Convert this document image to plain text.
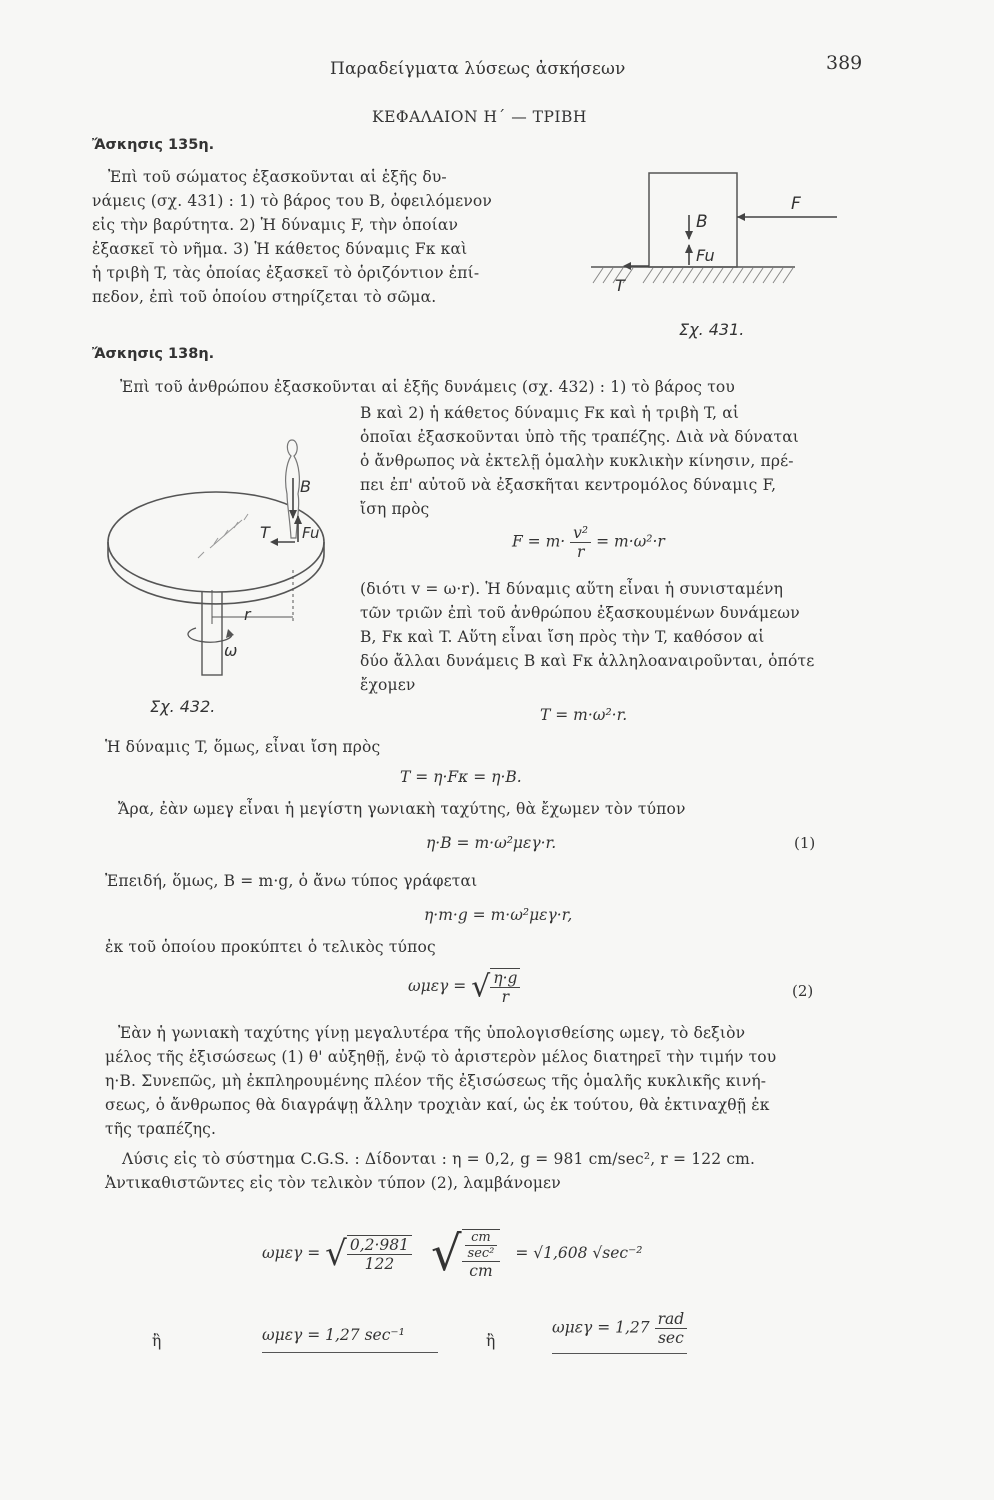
Παραδείγματα λύσεως ἀσκήσεων	389
ΚΕΦΑΛΑΙΟΝ Η΄ — ΤΡΙΒΗ
Ἄσκησις 135η.
Ἐπὶ τοῦ σώματος ἐξασκοῦνται αἱ ἑξῆς δυ-
νάμεις (σχ. 431) : 1) τὸ βάρος του B, ὀφειλόμενον
εἰς τὴν βαρύτητα. 2) Ἡ δύναμις F, τὴν ὁποίαν
ἐξασκεῖ τὸ νῆμα. 3) Ἡ κάθετος δύναμις Fκ καὶ
ἡ τριβὴ T, τὰς ὁποίας ἐξασκεῖ τὸ ὁριζόντιον ἐπί-
πεδον, ἐπὶ τοῦ ὁποίου στηρίζεται τὸ σῶμα.
B
F
Fu
T
Σχ. 431.
Ἄσκησις 138η.
Ἐπὶ τοῦ ἀνθρώπου ἐξασκοῦνται αἱ ἑξῆς δυνάμεις (σχ. 432) : 1) τὸ βάρος του
B καὶ 2) ἡ κάθετος δύναμις Fκ καὶ ἡ τριβὴ T, αἱ
ὁποῖαι ἐξασκοῦνται ὑπὸ τῆς τραπέζης. Διὰ νὰ δύναται
ὁ ἄνθρωπος νὰ ἐκτελῇ ὁμαλὴν κυκλικὴν κίνησιν, πρέ-
πει ἐπ' αὐτοῦ νὰ ἐξασκῆται κεντρομόλος δύναμις F,
ἴση πρὸς
$F = m\cdot \frac{\text{v²}}{r} = m\cdot\omega^2\cdot r$
(διότι v = ω·r). Ἡ δύναμις αὕτη εἶναι ἡ συνισταμένη
τῶν τριῶν ἐπὶ τοῦ ἀνθρώπου ἐξασκουμένων δυνάμεων
B, Fκ καὶ T. Αὕτη εἶναι ἴση πρὸς τὴν T, καθόσον αἱ
δύο ἄλλαι δυνάμεις B καὶ Fκ ἀλληλοαναιροῦνται, ὁπότε
ἔχομεν
T = m·ω²·r.
B
T Fu
r
ω
Σχ. 432.
Ἡ δύναμις T, ὅμως, εἶναι ἴση πρὸς
T = η·Fκ = η·B.
Ἄρα, ἐὰν ωμεγ εἶναι ἡ μεγίστη γωνιακὴ ταχύτης, θὰ ἔχωμεν τὸν τύπον
η·B = m·ω²μεγ·r.	(1)
Ἐπειδή, ὅμως, B = m·g, ὁ ἄνω τύπος γράφεται
η·m·g = m·ω²μεγ·r,
ἐκ τοῦ ὁποίου προκύπτει ὁ τελικὸς τύπος
ωμεγ = √ $\frac{\eta\cdot g}{r}$	(2)
Ἐὰν ἡ γωνιακὴ ταχύτης γίνῃ μεγαλυτέρα τῆς ὑπολογισθείσης ωμεγ, τὸ δεξιὸν
μέλος τῆς ἐξισώσεως (1) θ' αὐξηθῇ, ἐνῷ τὸ ἀριστερὸν μέλος διατηρεῖ τὴν τιμήν του
η·B. Συνεπῶς, μὴ ἐκπληρουμένης πλέον τῆς ἐξισώσεως τῆς ὁμαλῆς κυκλικῆς κινή-
σεως, ὁ ἄνθρωπος θὰ διαγράψῃ ἄλλην τροχιὰν καί, ὡς ἐκ τούτου, θὰ ἐκτιναχθῇ ἐκ
τῆς τραπέζης.
Λύσις εἰς τὸ σύστημα C.G.S. : Δίδονται : η = 0,2, g = 981 cm/sec², r = 122 cm.
Ἀντικαθιστῶντες εἰς τὸν τελικὸν τύπον (2), λαμβάνομεν
ωμεγ = √ $\frac{0,2\cdot 981}{122}$ √ $\frac{\frac{cm}{\text{sec²}}}{cm} = √1,608$ √sec⁻²
ἢ	ωμεγ = 1,27 sec⁻¹	ἢ
$\omega\mu\varepsilon\gamma = 1,27 \frac{\text{rad}}{\sec}$
